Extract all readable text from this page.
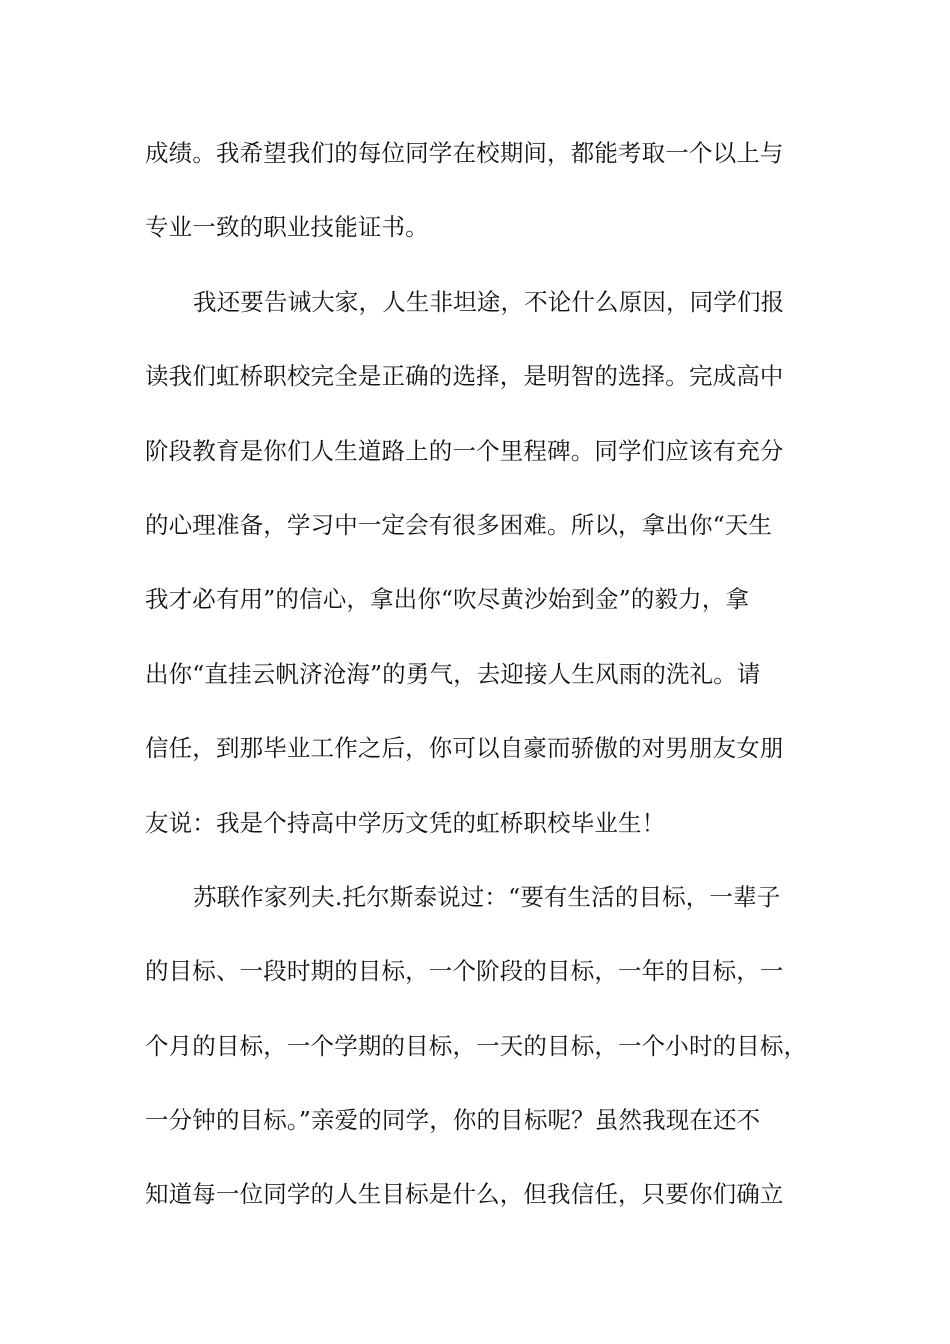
成绩。我希望我们的每位同学在校期间，都能考取一个以上与
专业一致的职业技能证书。
我还要告诫大家，人生非坦途，不论什么原因，同学们报
读我们虹桥职校完全是正确的选择，是明智的选择。完成高中
阶段教育是你们人生道路上的一个里程碑。同学们应该有充分
的心理准备，学习中一定会有很多困难。所以，拿出你“天生
我才必有用”的信心，拿出你“吹尽黄沙始到金”的毅力，拿
出你“直挂云帆济沧海”的勇气，去迎接人生风雨的洗礼。请
信任，到那毕业工作之后，你可以自豪而骄傲的对男朋友女朋
友说：我是个持高中学历文凭的虹桥职校毕业生！
苏联作家列夫.托尔斯泰说过：“要有生活的目标，一辈子
的目标、一段时期的目标，一个阶段的目标，一年的目标，一
个月的目标，一个学期的目标，一天的目标，一个小时的目标，
一分钟的目标。”亲爱的同学，你的目标呢？虽然我现在还不
知道每一位同学的人生目标是什么，但我信任，只要你们确立
